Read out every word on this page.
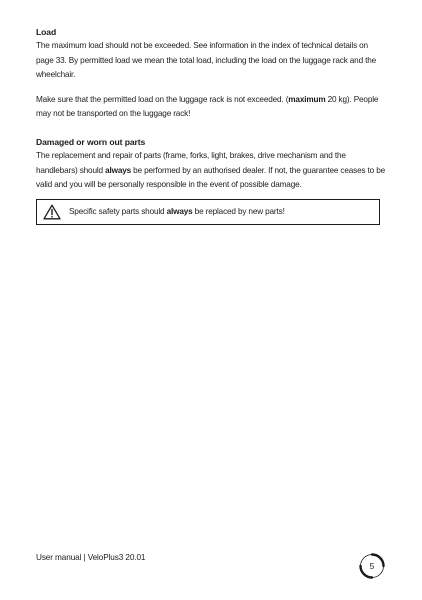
Load

The maximum load should not be exceeded. See information in the index of technical details on page 33. By permitted load we mean the total load, including the load on the luggage rack and the wheelchair.

Make sure that the permitted load on the luggage rack is not exceeded. (maximum 20 kg). People may not be transported on the luggage rack!

Damaged or worn out parts

The replacement and repair of parts (frame, forks, light, brakes, drive mechanism and the handlebars) should always be performed by an authorised dealer. If not, the guarantee ceases to be valid and you will be personally responsible in the event of possible damage.

Specific safety parts should always be replaced by new parts!
User manual | VeloPlus3 20.01
5
